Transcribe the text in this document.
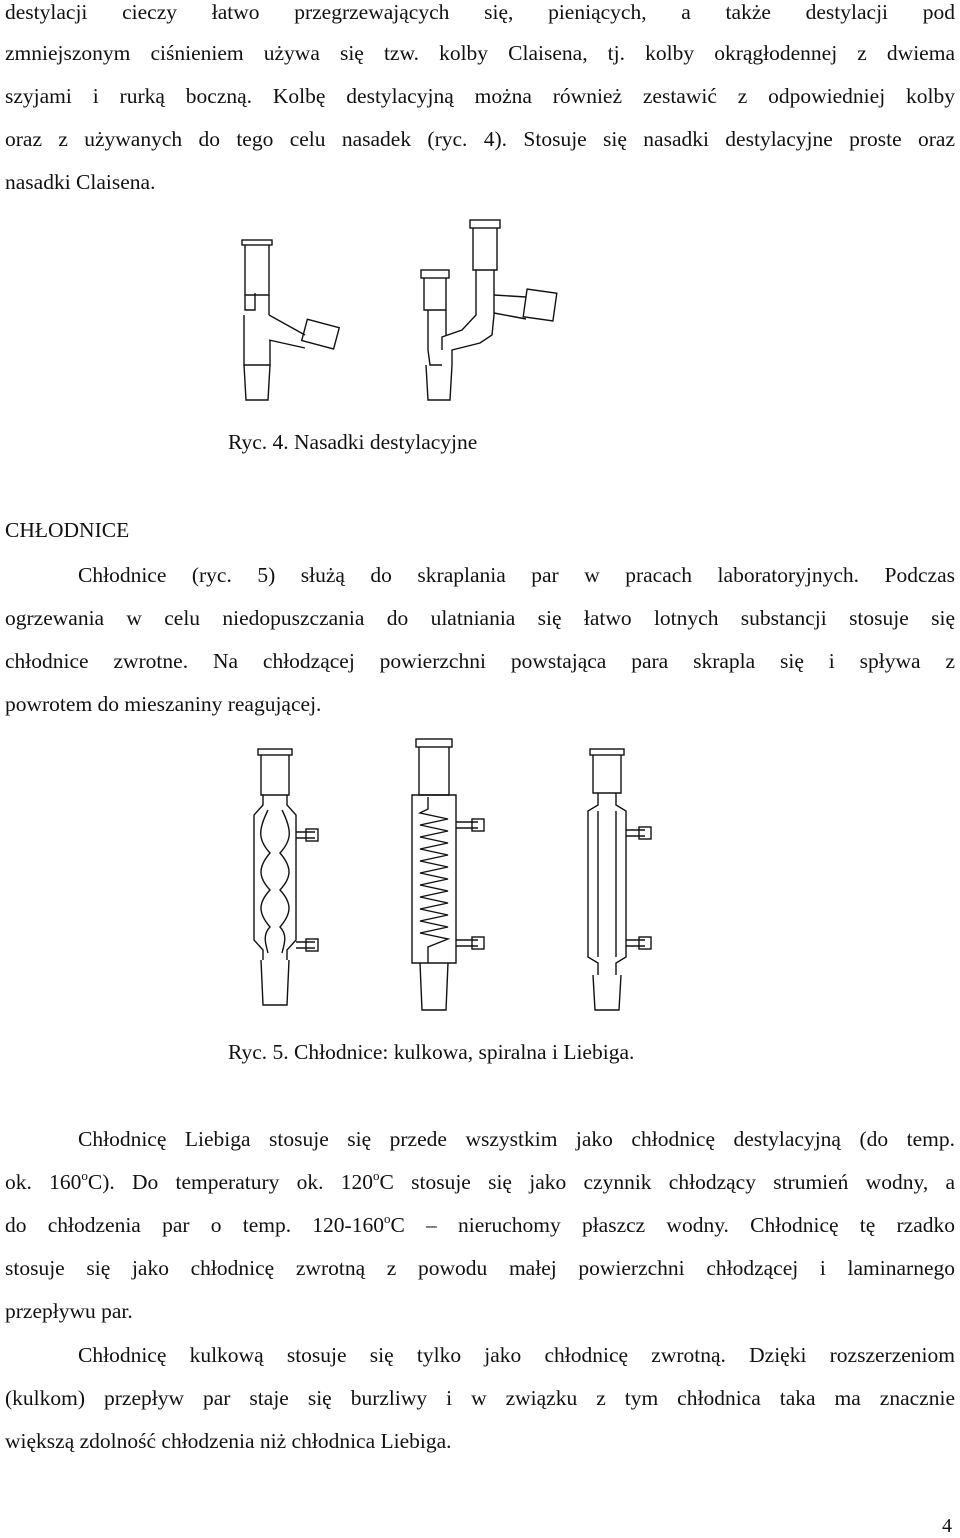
destylacji cieczy łatwo przegrzewających się, pieniących, a także destylacji pod
zmniejszonym ciśnieniem używa się tzw. kolby Claisena, tj. kolby okrągłodennej z dwiema
szyjami i rurką boczną. Kolbę destylacyjną można również zestawić z odpowiedniej kolby
oraz z używanych do tego celu nasadek (ryc. 4). Stosuje się nasadki destylacyjne proste oraz
nasadki Claisena.
Ryc. 4. Nasadki destylacyjne
CHŁODNICE
Chłodnice (ryc. 5) służą do skraplania par w pracach laboratoryjnych. Podczas
ogrzewania w celu niedopuszczania do ulatniania się łatwo lotnych substancji stosuje się
chłodnice zwrotne. Na chłodzącej powierzchni powstająca para skrapla się i spływa z
powrotem do mieszaniny reagującej.
Ryc. 5. Chłodnice: kulkowa, spiralna i Liebiga.
Chłodnicę Liebiga stosuje się przede wszystkim jako chłodnicę destylacyjną (do temp.
ok. 160$^o$C). Do temperatury ok. 120$^o$C stosuje się jako czynnik chłodzący strumień wodny, a
do chłodzenia par o temp. 120-160$^o$C – nieruchomy płaszcz wodny. Chłodnicę tę rzadko
stosuje się jako chłodnicę zwrotną z powodu małej powierzchni chłodzącej i laminarnego
przepływu par.
Chłodnicę kulkową stosuje się tylko jako chłodnicę zwrotną. Dzięki rozszerzeniom
(kulkom) przepływ par staje się burzliwy i w związku z tym chłodnica taka ma znacznie
większą zdolność chłodzenia niż chłodnica Liebiga.
4
